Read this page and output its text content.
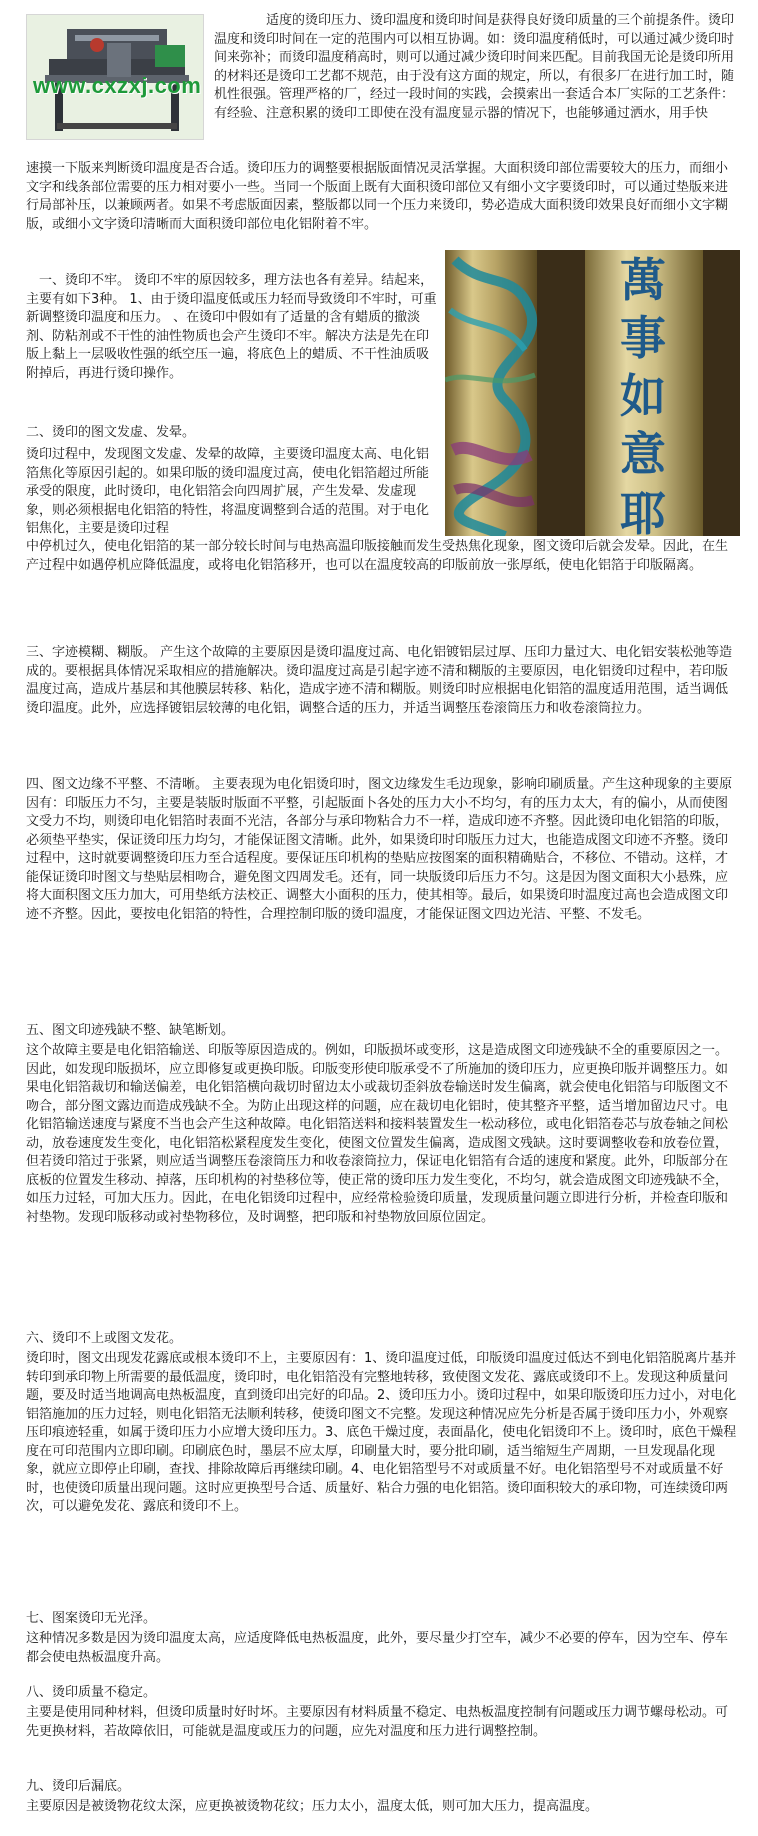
www.cxzxj.com
萬
事
如
意
耶

适度的烫印压力、烫印温度和烫印时间是获得良好烫印质量的三个前提条件。烫印温度和烫印时间在一定的范围内可以相互协调。如：烫印温度稍低时，可以通过减少烫印时间来弥补；而烫印温度稍高时，则可以通过减少烫印时间来匹配。目前我国无论是烫印所用的材料还是烫印工艺都不规范，由于没有这方面的规定，所以，有很多厂在进行加工时，随机性很强。管理严格的厂，经过一段时间的实践，会摸索出一套适合本厂实际的工艺条件：有经验、注意积累的烫印工即使在没有温度显示器的情况下，也能够通过洒水，用手快

速摸一下版来判断烫印温度是否合适。烫印压力的调整要根据版面情况灵活掌握。大面积烫印部位需要较大的压力，而细小文字和线条部位需要的压力相对要小一些。当同一个版面上既有大面积烫印部位又有细小文字要烫印时，可以通过垫版来进行局部补压，以兼顾两者。如果不考虑版面因素，整版都以同一个压力来烫印，势必造成大面积烫印效果良好而细小文字糊版，或细小文字烫印清晰而大面积烫印部位电化铝附着不牢。

　一、烫印不牢。 烫印不牢的原因较多，理方法也各有差异。结起来，主要有如下3种。 1、由于烫印温度低或压力轻而导致烫印不牢时，可重新调整烫印温度和压力。 、在烫印中假如有了适量的含有蜡质的撤淡剂、防粘剂或不干性的油性物质也会产生烫印不牢。解决方法是先在印版上黏上一层吸收性强的纸空压一遍，将底色上的蜡质、不干性油质吸附掉后，再进行烫印操作。

二、烫印的图文发虚、发晕。

烫印过程中，发现图文发虚、发晕的故障，主要烫印温度太高、电化铝箔焦化等原因引起的。如果印版的烫印温度过高，使电化铝箔超过所能承受的限度，此时烫印，电化铝箔会向四周扩展，产生发晕、发虚现象，则必须根据电化铝箔的特性，将温度调整到合适的范围。对于电化铝焦化，主要是烫印过程

中停机过久，使电化铝箔的某一部分较长时间与电热高温印版接触而发生受热焦化现象，图文烫印后就会发晕。因此，在生产过程中如遇停机应降低温度，或将电化铝箔移开，也可以在温度较高的印版前放一张厚纸，使电化铝箔于印版隔离。

三、字迹模糊、糊版。 产生这个故障的主要原因是烫印温度过高、电化铝镀铝层过厚、压印力量过大、电化铝安装松弛等造成的。要根据具体情况采取相应的措施解决。烫印温度过高是引起字迹不清和糊版的主要原因，电化铝烫印过程中，若印版温度过高，造成片基层和其他膜层转移、粘化，造成字迹不清和糊版。则烫印时应根据电化铝箔的温度适用范围，适当调低烫印温度。此外，应选择镀铝层较薄的电化铝，调整合适的压力，并适当调整压卷滚筒压力和收卷滚筒拉力。

四、图文边缘不平整、不清晰。 主要表现为电化铝烫印时，图文边缘发生毛边现象，影响印刷质量。产生这种现象的主要原因有：印版压力不匀，主要是装版时版面不平整，引起版面卜各处的压力大小不均匀，有的压力太大，有的偏小，从而使图文受力不均，则烫印电化铝箔时表面不光洁，各部分与承印物粘合力不一样，造成印迹不齐整。因此烫印电化铝箔的印版，必须垫平垫实，保证烫印压力均匀，才能保证图文清晰。此外，如果烫印时印版压力过大，也能造成图文印迹不齐整。烫印过程中，这时就要调整烫印压力至合适程度。要保证压印机构的垫贴应按图案的面积精确贴合，不移位、不错动。这样，才能保证烫印时图文与垫贴层相吻合，避免图文四周发毛。还有，同一块版烫印后压力不匀。这是因为图文面积大小悬殊，应将大面积图文压力加大，可用垫纸方法校正、调整大小面积的压力，使其相等。最后，如果烫印时温度过高也会造成图文印迹不齐整。因此，要按电化铝箔的特性，合理控制印版的烫印温度，才能保证图文四边光洁、平整、不发毛。

五、图文印迹残缺不整、缺笔断划。

这个故障主要是电化铝箔输送、印版等原因造成的。例如，印版损坏或变形，这是造成图文印迹残缺不全的重要原因之一。因此，如发现印版损坏，应立即修复或更换印版。印版变形使印版承受不了所施加的烫印压力，应更换印版并调整压力。如果电化铝箔裁切和输送偏差，电化铝箔横向裁切时留边太小或裁切歪斜放卷输送时发生偏离，就会使电化铝箔与印版图文不吻合，部分图文露边而造成残缺不全。为防止出现这样的问题，应在裁切电化铝时，使其整齐平整，适当增加留边尺寸。电化铝箔输送速度与紧度不当也会产生这种故障。电化铝箔送料和接料装置发生一松动移位，或电化铝箔卷芯与放卷轴之间松动，放卷速度发生变化，电化铝箔松紧程度发生变化，使图文位置发生偏离，造成图文残缺。这时要调整收卷和放卷位置，但若烫印箔过于张紧，则应适当调整压卷滚筒压力和收卷滚筒拉力，保证电化铝箔有合适的速度和紧度。此外，印版部分在底板的位置发生移动、掉落，压印机构的衬垫移位等，使正常的烫印压力发生变化，不均匀，就会造成图文印迹残缺不全，如压力过轻，可加大压力。因此，在电化铝烫印过程中，应经常检验烫印质量，发现质量问题立即进行分析，并检查印版和衬垫物。发现印版移动或衬垫物移位，及时调整，把印版和衬垫物放回原位固定。

六、烫印不上或图文发花。

烫印时，图文出现发花露底或根本烫印不上，主要原因有：1、烫印温度过低，印版烫印温度过低达不到电化铝箔脱离片基并转印到承印物上所需要的最低温度，烫印时，电化铝箔没有完整地转移，致使图文发花、露底或烫印不上。发现这种质量问题，要及时适当地调高电热板温度，直到烫印出完好的印品。2、烫印压力小。烫印过程中，如果印版烫印压力过小，对电化铝箔施加的压力过轻，则电化铝箔无法顺利转移，使烫印图文不完整。发现这种情况应先分析是否属于烫印压力小，外观察压印痕迹轻重，如属于烫印压力小应增大烫印压力。3、底色干燥过度，表面晶化，使电化铝烫印不上。烫印时，底色干燥程度在可印范围内立即印刷。印刷底色时，墨层不应太厚，印刷量大时，要分批印刷，适当缩短生产周期，一旦发现晶化现象，就应立即停止印刷，查找、排除故障后再继续印刷。4、电化铝箔型号不对或质量不好。电化铝箔型号不对或质量不好时，也使烫印质量出现问题。这时应更换型号合适、质量好、粘合力强的电化铝箔。烫印面积较大的承印物，可连续烫印两次，可以避免发花、露底和烫印不上。

七、图案烫印无光泽。

这种情况多数是因为烫印温度太高，应适度降低电热板温度，此外，要尽量少打空车，减少不必要的停车，因为空车、停车都会使电热板温度升高。

八、烫印质量不稳定。

主要是使用同种材料，但烫印质量时好时坏。主要原因有材料质量不稳定、电热板温度控制有问题或压力调节螺母松动。可先更换材料，若故障依旧，可能就是温度或压力的问题，应先对温度和压力进行调整控制。

九、烫印后漏底。

主要原因是被烫物花纹太深，应更换被烫物花纹；压力太小，温度太低，则可加大压力，提高温度。
